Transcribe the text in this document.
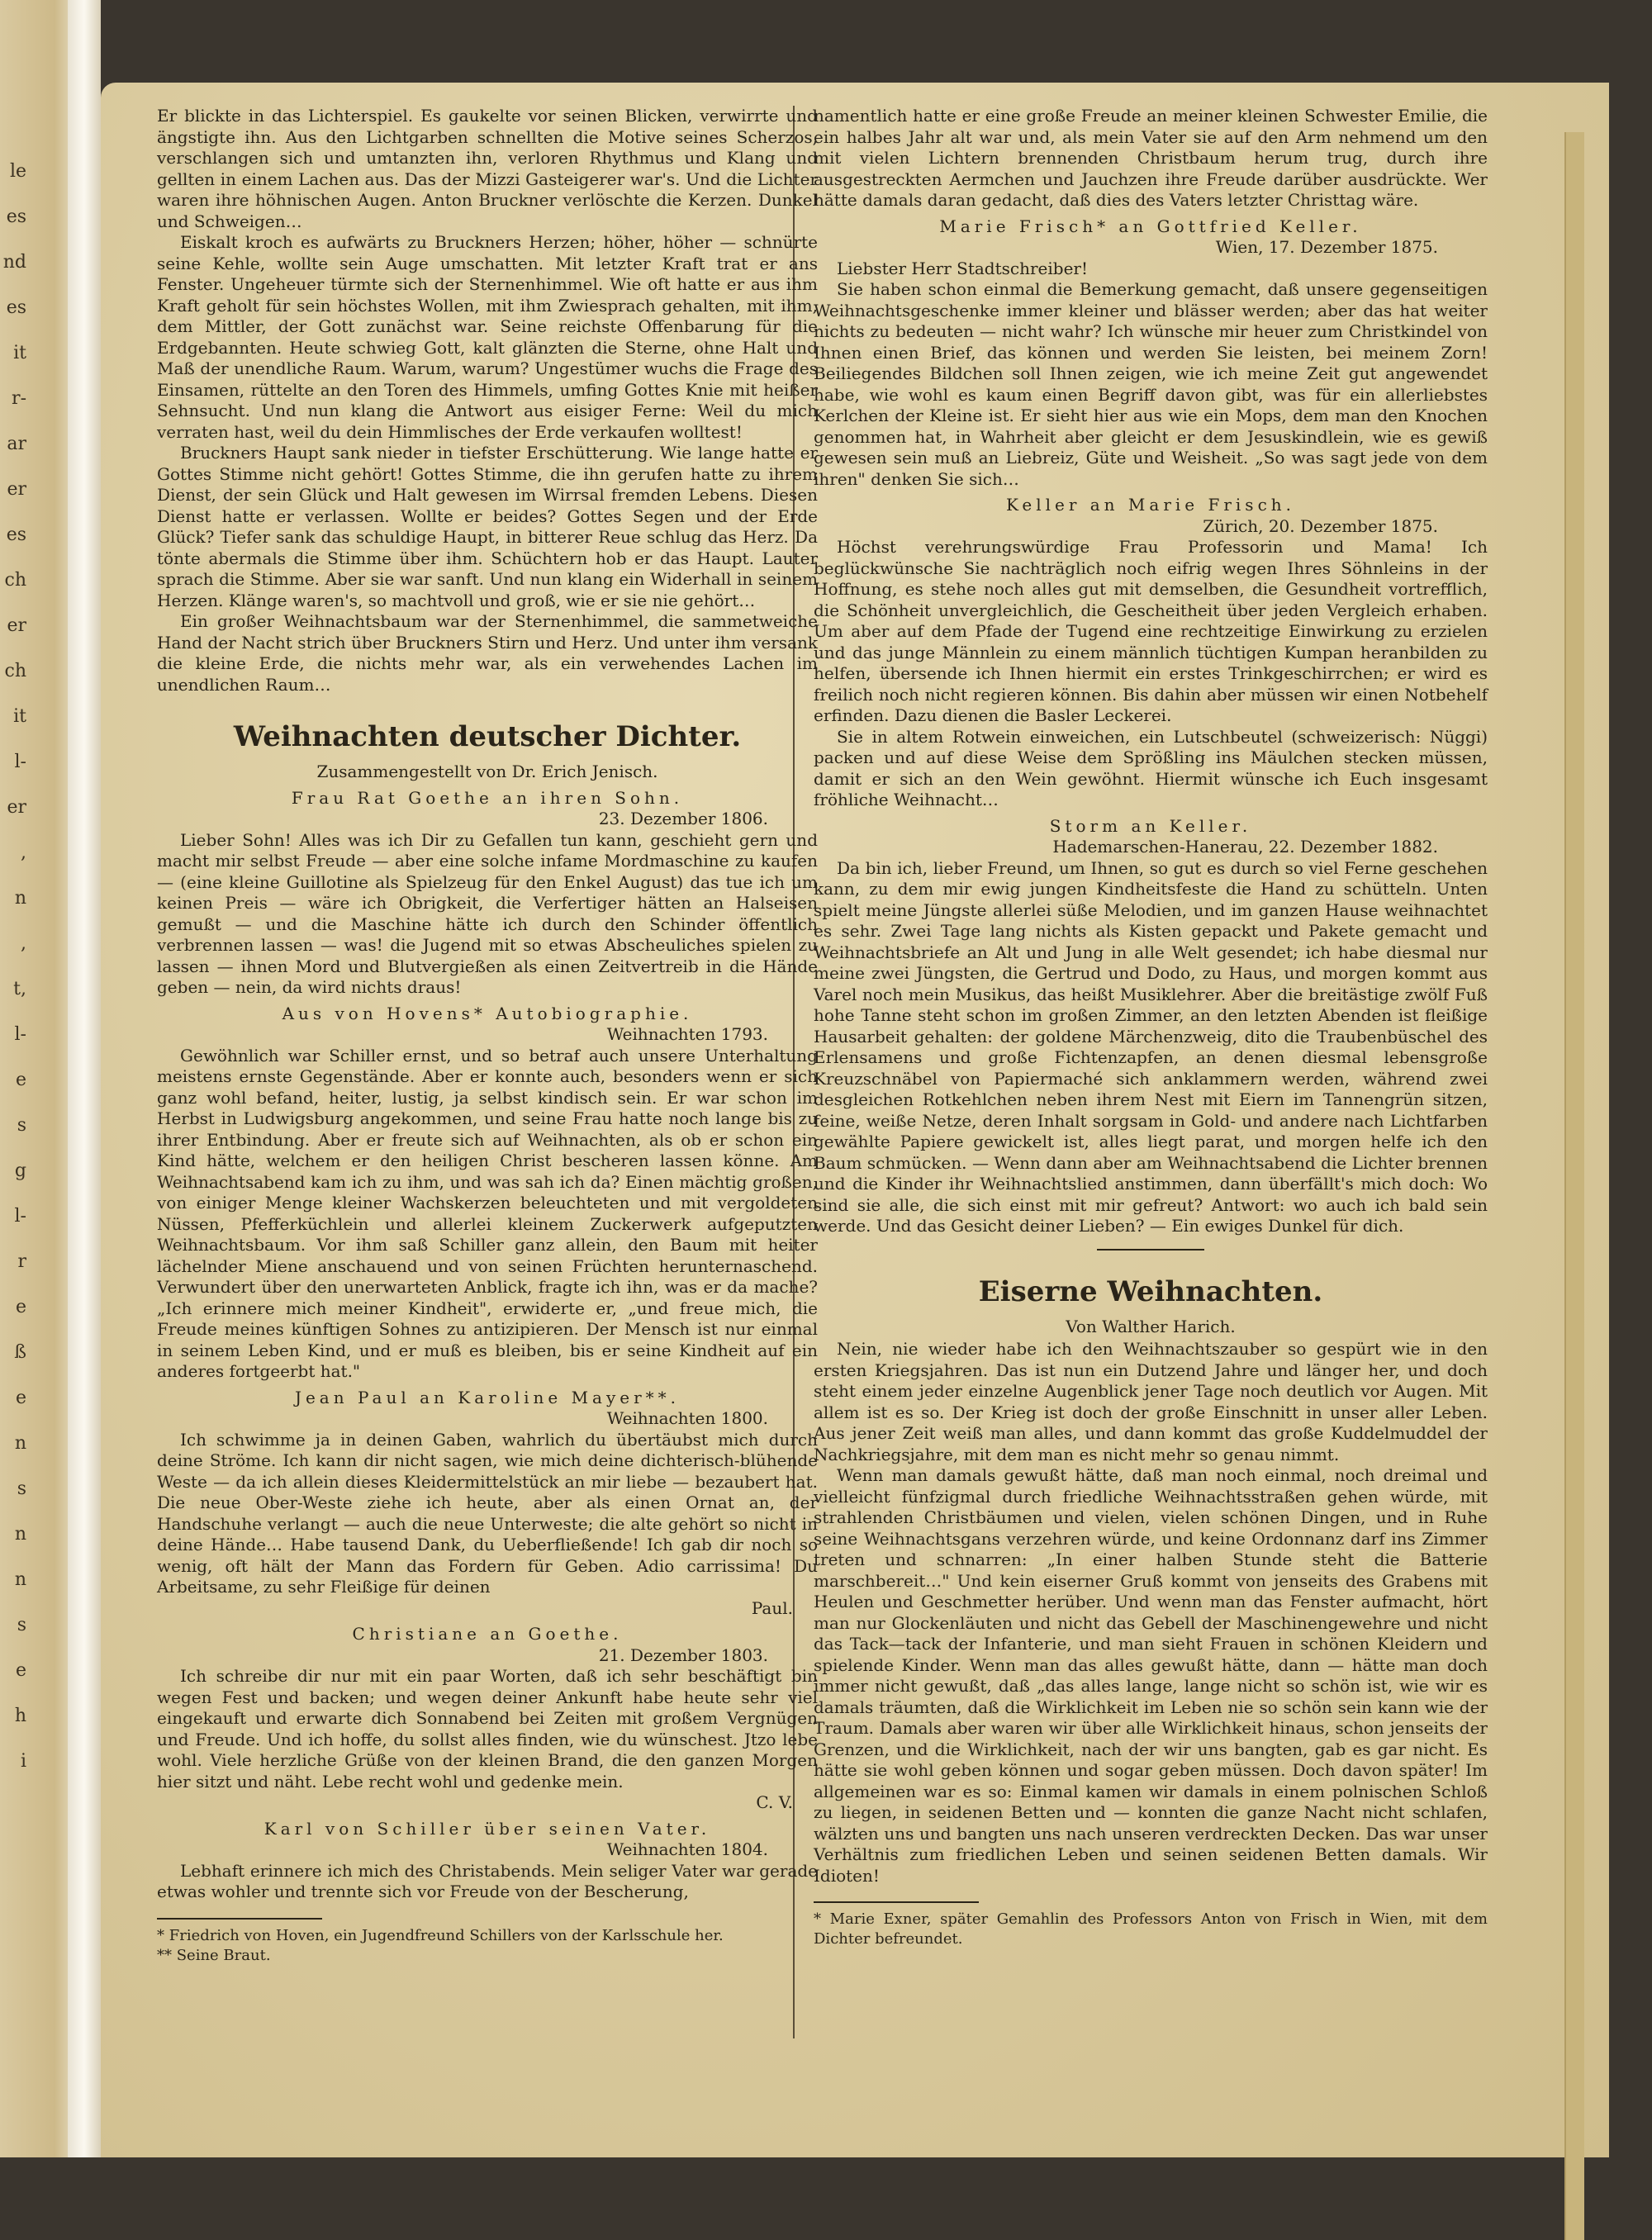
le
es
nd
es
it
r-
ar
er
es
ch
er
ch
it
l-
er
,
n
,
t,
l-
e
s
g
l-
r
e
ß
e
n
s
n
n
s
e
h
i

Er blickte in das Lichterspiel. Es gaukelte vor seinen Blicken, verwirrte und ängstigte ihn. Aus den Lichtgarben schnellten die Motive seines Scherzos, verschlangen sich und umtanzten ihn, verloren Rhythmus und Klang und gellten in einem Lachen aus. Das der Mizzi Gasteigerer war's. Und die Lichter waren ihre höhnischen Augen. Anton Bruckner verlöschte die Kerzen. Dunkel und Schweigen…

Eiskalt kroch es aufwärts zu Bruckners Herzen; höher, höher — schnürte seine Kehle, wollte sein Auge umschatten. Mit letzter Kraft trat er ans Fenster. Ungeheuer türmte sich der Sternenhimmel. Wie oft hatte er aus ihm Kraft geholt für sein höchstes Wollen, mit ihm Zwiesprach gehalten, mit ihm, dem Mittler, der Gott zunächst war. Seine reichste Offenbarung für die Erdgebannten. Heute schwieg Gott, kalt glänzten die Sterne, ohne Halt und Maß der unendliche Raum. Warum, warum? Ungestümer wuchs die Frage des Einsamen, rüttelte an den Toren des Himmels, umfing Gottes Knie mit heißer Sehnsucht. Und nun klang die Antwort aus eisiger Ferne: Weil du mich verraten hast, weil du dein Himmlisches der Erde verkaufen wolltest!

Bruckners Haupt sank nieder in tiefster Erschütterung. Wie lange hatte er Gottes Stimme nicht gehört! Gottes Stimme, die ihn gerufen hatte zu ihrem Dienst, der sein Glück und Halt gewesen im Wirrsal fremden Lebens. Diesen Dienst hatte er verlassen. Wollte er beides? Gottes Segen und der Erde Glück? Tiefer sank das schuldige Haupt, in bitterer Reue schlug das Herz. Da tönte abermals die Stimme über ihm. Schüchtern hob er das Haupt. Lauter sprach die Stimme. Aber sie war sanft. Und nun klang ein Widerhall in seinem Herzen. Klänge waren's, so machtvoll und groß, wie er sie nie gehört…

Ein großer Weihnachtsbaum war der Sternenhimmel, die sammetweiche Hand der Nacht strich über Bruckners Stirn und Herz. Und unter ihm versank die kleine Erde, die nichts mehr war, als ein verwehendes Lachen im unendlichen Raum…

Weihnachten deutscher Dichter.

Zusammengestellt von Dr. Erich Jenisch.

Frau Rat Goethe an ihren Sohn.

23. Dezember 1806.

Lieber Sohn! Alles was ich Dir zu Gefallen tun kann, geschieht gern und macht mir selbst Freude — aber eine solche infame Mordmaschine zu kaufen — (eine kleine Guillotine als Spielzeug für den Enkel August) das tue ich um keinen Preis — wäre ich Obrigkeit, die Verfertiger hätten an Halseisen gemußt — und die Maschine hätte ich durch den Schinder öffentlich verbrennen lassen — was! die Jugend mit so etwas Abscheuliches spielen zu lassen — ihnen Mord und Blutvergießen als einen Zeitvertreib in die Hände geben — nein, da wird nichts draus!

Aus von Hovens* Autobiographie.

Weihnachten 1793.

Gewöhnlich war Schiller ernst, und so betraf auch unsere Unterhaltung meistens ernste Gegenstände. Aber er konnte auch, besonders wenn er sich ganz wohl befand, heiter, lustig, ja selbst kindisch sein. Er war schon im Herbst in Ludwigsburg angekommen, und seine Frau hatte noch lange bis zu ihrer Entbindung. Aber er freute sich auf Weihnachten, als ob er schon ein Kind hätte, welchem er den heiligen Christ bescheren lassen könne. Am Weihnachtsabend kam ich zu ihm, und was sah ich da? Einen mächtig großen, von einiger Menge kleiner Wachskerzen beleuchteten und mit vergoldeten Nüssen, Pfefferküchlein und allerlei kleinem Zuckerwerk aufgeputzten Weihnachtsbaum. Vor ihm saß Schiller ganz allein, den Baum mit heiter lächelnder Miene anschauend und von seinen Früchten herunternaschend. Verwundert über den unerwarteten Anblick, fragte ich ihn, was er da mache? „Ich erinnere mich meiner Kindheit", erwiderte er, „und freue mich, die Freude meines künftigen Sohnes zu antizipieren. Der Mensch ist nur einmal in seinem Leben Kind, und er muß es bleiben, bis er seine Kindheit auf ein anderes fortgeerbt hat."

Jean Paul an Karoline Mayer**.

Weihnachten 1800.

Ich schwimme ja in deinen Gaben, wahrlich du übertäubst mich durch deine Ströme. Ich kann dir nicht sagen, wie mich deine dichterisch-blühende Weste — da ich allein dieses Kleidermittelstück an mir liebe — bezaubert hat. Die neue Ober-Weste ziehe ich heute, aber als einen Ornat an, der Handschuhe verlangt — auch die neue Unterweste; die alte gehört so nicht in deine Hände… Habe tausend Dank, du Ueberfließende! Ich gab dir noch so wenig, oft hält der Mann das Fordern für Geben. Adio carrissima! Du Arbeitsame, zu sehr Fleißige für deinen

Paul.

Christiane an Goethe.

21. Dezember 1803.

Ich schreibe dir nur mit ein paar Worten, daß ich sehr beschäftigt bin wegen Fest und backen; und wegen deiner Ankunft habe heute sehr viel eingekauft und erwarte dich Sonnabend bei Zeiten mit großem Vergnügen und Freude. Und ich hoffe, du sollst alles finden, wie du wünschest. Jtzo lebe wohl. Viele herzliche Grüße von der kleinen Brand, die den ganzen Morgen hier sitzt und näht. Lebe recht wohl und gedenke mein.

C. V.

Karl von Schiller über seinen Vater.

Weihnachten 1804.

Lebhaft erinnere ich mich des Christabends. Mein seliger Vater war gerade etwas wohler und trennte sich vor Freude von der Bescherung,

* Friedrich von Hoven, ein Jugendfreund Schillers von der Karlsschule her.

** Seine Braut.

namentlich hatte er eine große Freude an meiner kleinen Schwester Emilie, die ein halbes Jahr alt war und, als mein Vater sie auf den Arm nehmend um den mit vielen Lichtern brennenden Christbaum herum trug, durch ihre ausgestreckten Aermchen und Jauchzen ihre Freude darüber ausdrückte. Wer hätte damals daran gedacht, daß dies des Vaters letzter Christtag wäre.

Marie Frisch* an Gottfried Keller.

Wien, 17. Dezember 1875.

Liebster Herr Stadtschreiber!

Sie haben schon einmal die Bemerkung gemacht, daß unsere gegenseitigen Weihnachtsgeschenke immer kleiner und blässer werden; aber das hat weiter nichts zu bedeuten — nicht wahr? Ich wünsche mir heuer zum Christkindel von Ihnen einen Brief, das können und werden Sie leisten, bei meinem Zorn! Beiliegendes Bildchen soll Ihnen zeigen, wie ich meine Zeit gut angewendet habe, wie wohl es kaum einen Begriff davon gibt, was für ein allerliebstes Kerlchen der Kleine ist. Er sieht hier aus wie ein Mops, dem man den Knochen genommen hat, in Wahrheit aber gleicht er dem Jesuskindlein, wie es gewiß gewesen sein muß an Liebreiz, Güte und Weisheit. „So was sagt jede von dem ihren" denken Sie sich…

Keller an Marie Frisch.

Zürich, 20. Dezember 1875.

Höchst verehrungswürdige Frau Professorin und Mama! Ich beglückwünsche Sie nachträglich noch eifrig wegen Ihres Söhnleins in der Hoffnung, es stehe noch alles gut mit demselben, die Gesundheit vortrefflich, die Schönheit unvergleichlich, die Gescheitheit über jeden Vergleich erhaben. Um aber auf dem Pfade der Tugend eine rechtzeitige Einwirkung zu erzielen und das junge Männlein zu einem männlich tüchtigen Kumpan heranbilden zu helfen, übersende ich Ihnen hiermit ein erstes Trinkgeschirrchen; er wird es freilich noch nicht regieren können. Bis dahin aber müssen wir einen Notbehelf erfinden. Dazu dienen die Basler Leckerei.

Sie in altem Rotwein einweichen, ein Lutschbeutel (schweizerisch: Nüggi) packen und auf diese Weise dem Sprößling ins Mäulchen stecken müssen, damit er sich an den Wein gewöhnt. Hiermit wünsche ich Euch insgesamt fröhliche Weihnacht…

Storm an Keller.

Hademarschen-Hanerau, 22. Dezember 1882.

Da bin ich, lieber Freund, um Ihnen, so gut es durch so viel Ferne geschehen kann, zu dem mir ewig jungen Kindheitsfeste die Hand zu schütteln. Unten spielt meine Jüngste allerlei süße Melodien, und im ganzen Hause weihnachtet es sehr. Zwei Tage lang nichts als Kisten gepackt und Pakete gemacht und Weihnachtsbriefe an Alt und Jung in alle Welt gesendet; ich habe diesmal nur meine zwei Jüngsten, die Gertrud und Dodo, zu Haus, und morgen kommt aus Varel noch mein Musikus, das heißt Musiklehrer. Aber die breitästige zwölf Fuß hohe Tanne steht schon im großen Zimmer, an den letzten Abenden ist fleißige Hausarbeit gehalten: der goldene Märchenzweig, dito die Traubenbüschel des Erlensamens und große Fichtenzapfen, an denen diesmal lebensgroße Kreuzschnäbel von Papiermaché sich anklammern werden, während zwei desgleichen Rotkehlchen neben ihrem Nest mit Eiern im Tannengrün sitzen, feine, weiße Netze, deren Inhalt sorgsam in Gold- und andere nach Lichtfarben gewählte Papiere gewickelt ist, alles liegt parat, und morgen helfe ich den Baum schmücken. — Wenn dann aber am Weihnachtsabend die Lichter brennen und die Kinder ihr Weihnachtslied anstimmen, dann überfällt's mich doch: Wo sind sie alle, die sich einst mit mir gefreut? Antwort: wo auch ich bald sein werde. Und das Gesicht deiner Lieben? — Ein ewiges Dunkel für dich.

Eiserne Weihnachten.

Von Walther Harich.

Nein, nie wieder habe ich den Weihnachtszauber so gespürt wie in den ersten Kriegsjahren. Das ist nun ein Dutzend Jahre und länger her, und doch steht einem jeder einzelne Augenblick jener Tage noch deutlich vor Augen. Mit allem ist es so. Der Krieg ist doch der große Einschnitt in unser aller Leben. Aus jener Zeit weiß man alles, und dann kommt das große Kuddelmuddel der Nachkriegsjahre, mit dem man es nicht mehr so genau nimmt.

Wenn man damals gewußt hätte, daß man noch einmal, noch dreimal und vielleicht fünfzigmal durch friedliche Weihnachtsstraßen gehen würde, mit strahlenden Christbäumen und vielen, vielen schönen Dingen, und in Ruhe seine Weihnachtsgans verzehren würde, und keine Ordonnanz darf ins Zimmer treten und schnarren: „In einer halben Stunde steht die Batterie marschbereit…" Und kein eiserner Gruß kommt von jenseits des Grabens mit Heulen und Geschmetter herüber. Und wenn man das Fenster aufmacht, hört man nur Glockenläuten und nicht das Gebell der Maschinengewehre und nicht das Tack—tack der Infanterie, und man sieht Frauen in schönen Kleidern und spielende Kinder. Wenn man das alles gewußt hätte, dann — hätte man doch immer nicht gewußt, daß „das alles lange, lange nicht so schön ist, wie wir es damals träumten, daß die Wirklichkeit im Leben nie so schön sein kann wie der Traum. Damals aber waren wir über alle Wirklichkeit hinaus, schon jenseits der Grenzen, und die Wirklichkeit, nach der wir uns bangten, gab es gar nicht. Es hätte sie wohl geben können und sogar geben müssen. Doch davon später! Im allgemeinen war es so: Einmal kamen wir damals in einem polnischen Schloß zu liegen, in seidenen Betten und — konnten die ganze Nacht nicht schlafen, wälzten uns und bangten uns nach unseren verdreckten Decken. Das war unser Verhältnis zum friedlichen Leben und seinen seidenen Betten damals. Wir Idioten!

* Marie Exner, später Gemahlin des Professors Anton von Frisch in Wien, mit dem Dichter befreundet.
